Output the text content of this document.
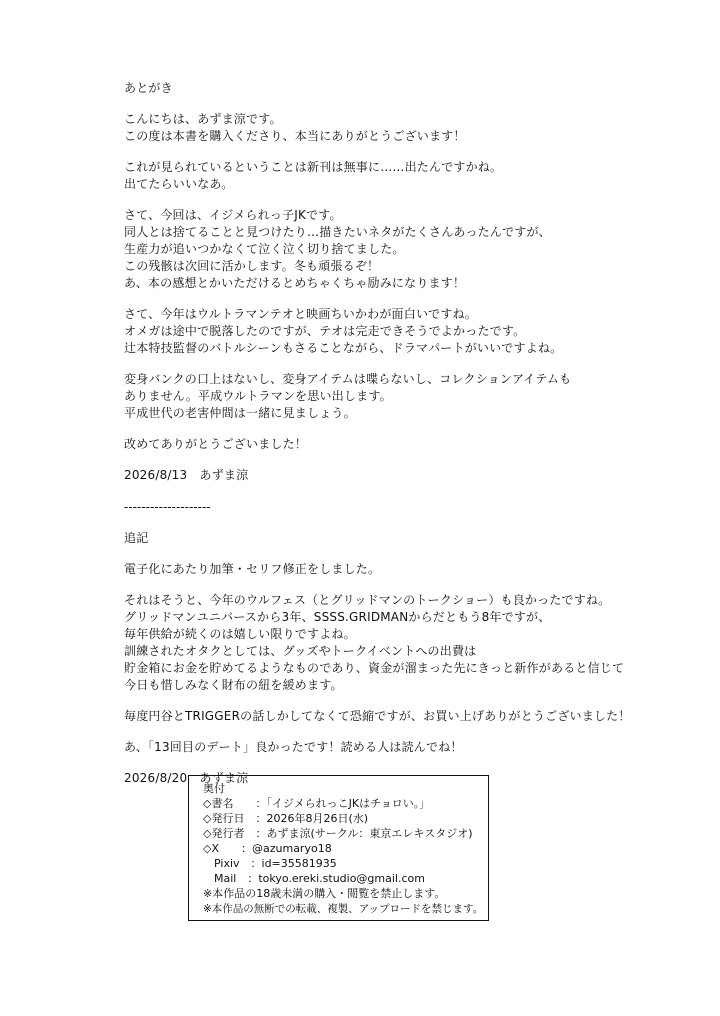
あとがき
こんにちは、あずま涼です。
この度は本書を購入くださり、本当にありがとうございます！
これが見られているということは新刊は無事に……出たんですかね。
出てたらいいなあ。
さて、今回は、イジメられっ子JKです。
同人とは捨てることと見つけたり…描きたいネタがたくさんあったんですが、
生産力が追いつかなくて泣く泣く切り捨てました。
この残骸は次回に活かします。冬も頑張るぞ！
あ、本の感想とかいただけるとめちゃくちゃ励みになります！
さて、今年はウルトラマンテオと映画ちいかわが面白いですね。
オメガは途中で脱落したのですが、テオは完走できそうでよかったです。
辻本特技監督のバトルシーンもさることながら、ドラマパートがいいですよね。
変身バンクの口上はないし、変身アイテムは喋らないし、コレクションアイテムも
ありません。平成ウルトラマンを思い出します。
平成世代の老害仲間は一緒に見ましょう。
改めてありがとうございました！
2026/8/13　あずま涼
--------------------
追記
電子化にあたり加筆・セリフ修正をしました。
それはそうと、今年のウルフェス（とグリッドマンのトークショー）も良かったですね。
グリッドマンユニバースから3年、SSSS.GRIDMANからだともう8年ですが、
毎年供給が続くのは嬉しい限りですよね。
訓練されたオタクとしては、グッズやトークイベントへの出費は
貯金箱にお金を貯めてるようなものであり、資金が溜まった先にきっと新作があると信じて
今日も惜しみなく財布の紐を緩めます。
毎度円谷とTRIGGERの話しかしてなくて恐縮ですが、お買い上げありがとうございました！
あ、「13回目のデート」良かったです！読める人は読んでね！
2026/8/20　あずま涼
奥付
◇書名　　：「イジメられっこJKはチョロい。」
◇発行日　：2026年8月26日(水)
◇発行者　：あずま涼(サークル：東京エレキスタジオ)
◇X　　：@azumaryo18
　Pixiv　：id=35581935
　Mail　：tokyo.ereki.studio@gmail.com
※本作品の18歳未満の購入・閲覧を禁止します。
※本作品の無断での転載、複製、アップロードを禁じます。
